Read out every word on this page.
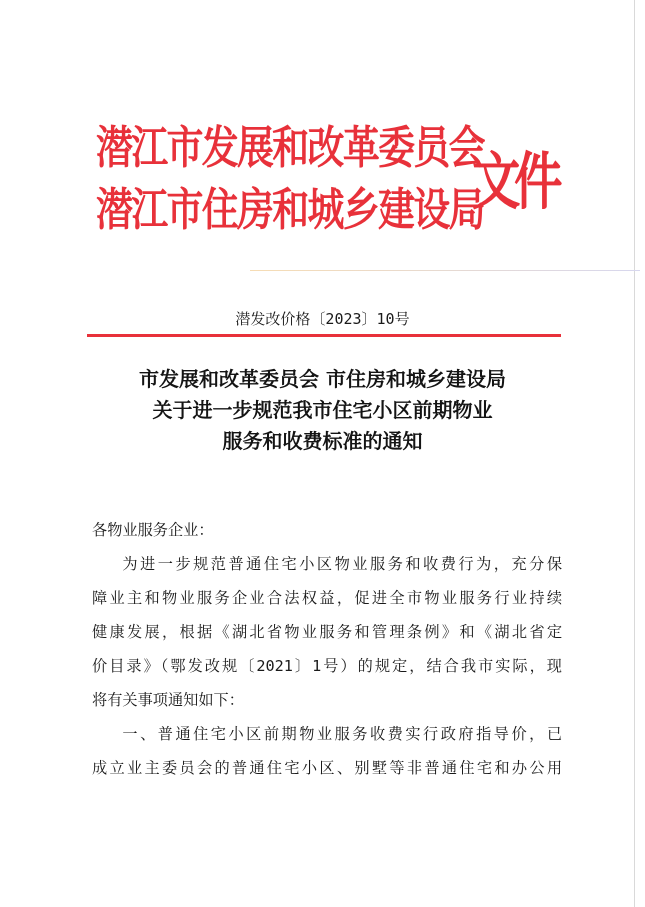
潜江市发展和改革委员会
潜江市住房和城乡建设局
文件
潜发改价格〔2023〕10号
市发展和改革委员会 市住房和城乡建设局
关于进一步规范我市住宅小区前期物业
服务和收费标准的通知
各物业服务企业：
为进一步规范普通住宅小区物业服务和收费行为，充分保
障业主和物业服务企业合法权益，促进全市物业服务行业持续
健康发展，根据《湖北省物业服务和管理条例》和《湖北省定
价目录》（鄂发改规〔2021〕1号）的规定，结合我市实际，现
将有关事项通知如下：
一、普通住宅小区前期物业服务收费实行政府指导价，已
成立业主委员会的普通住宅小区、别墅等非普通住宅和办公用
